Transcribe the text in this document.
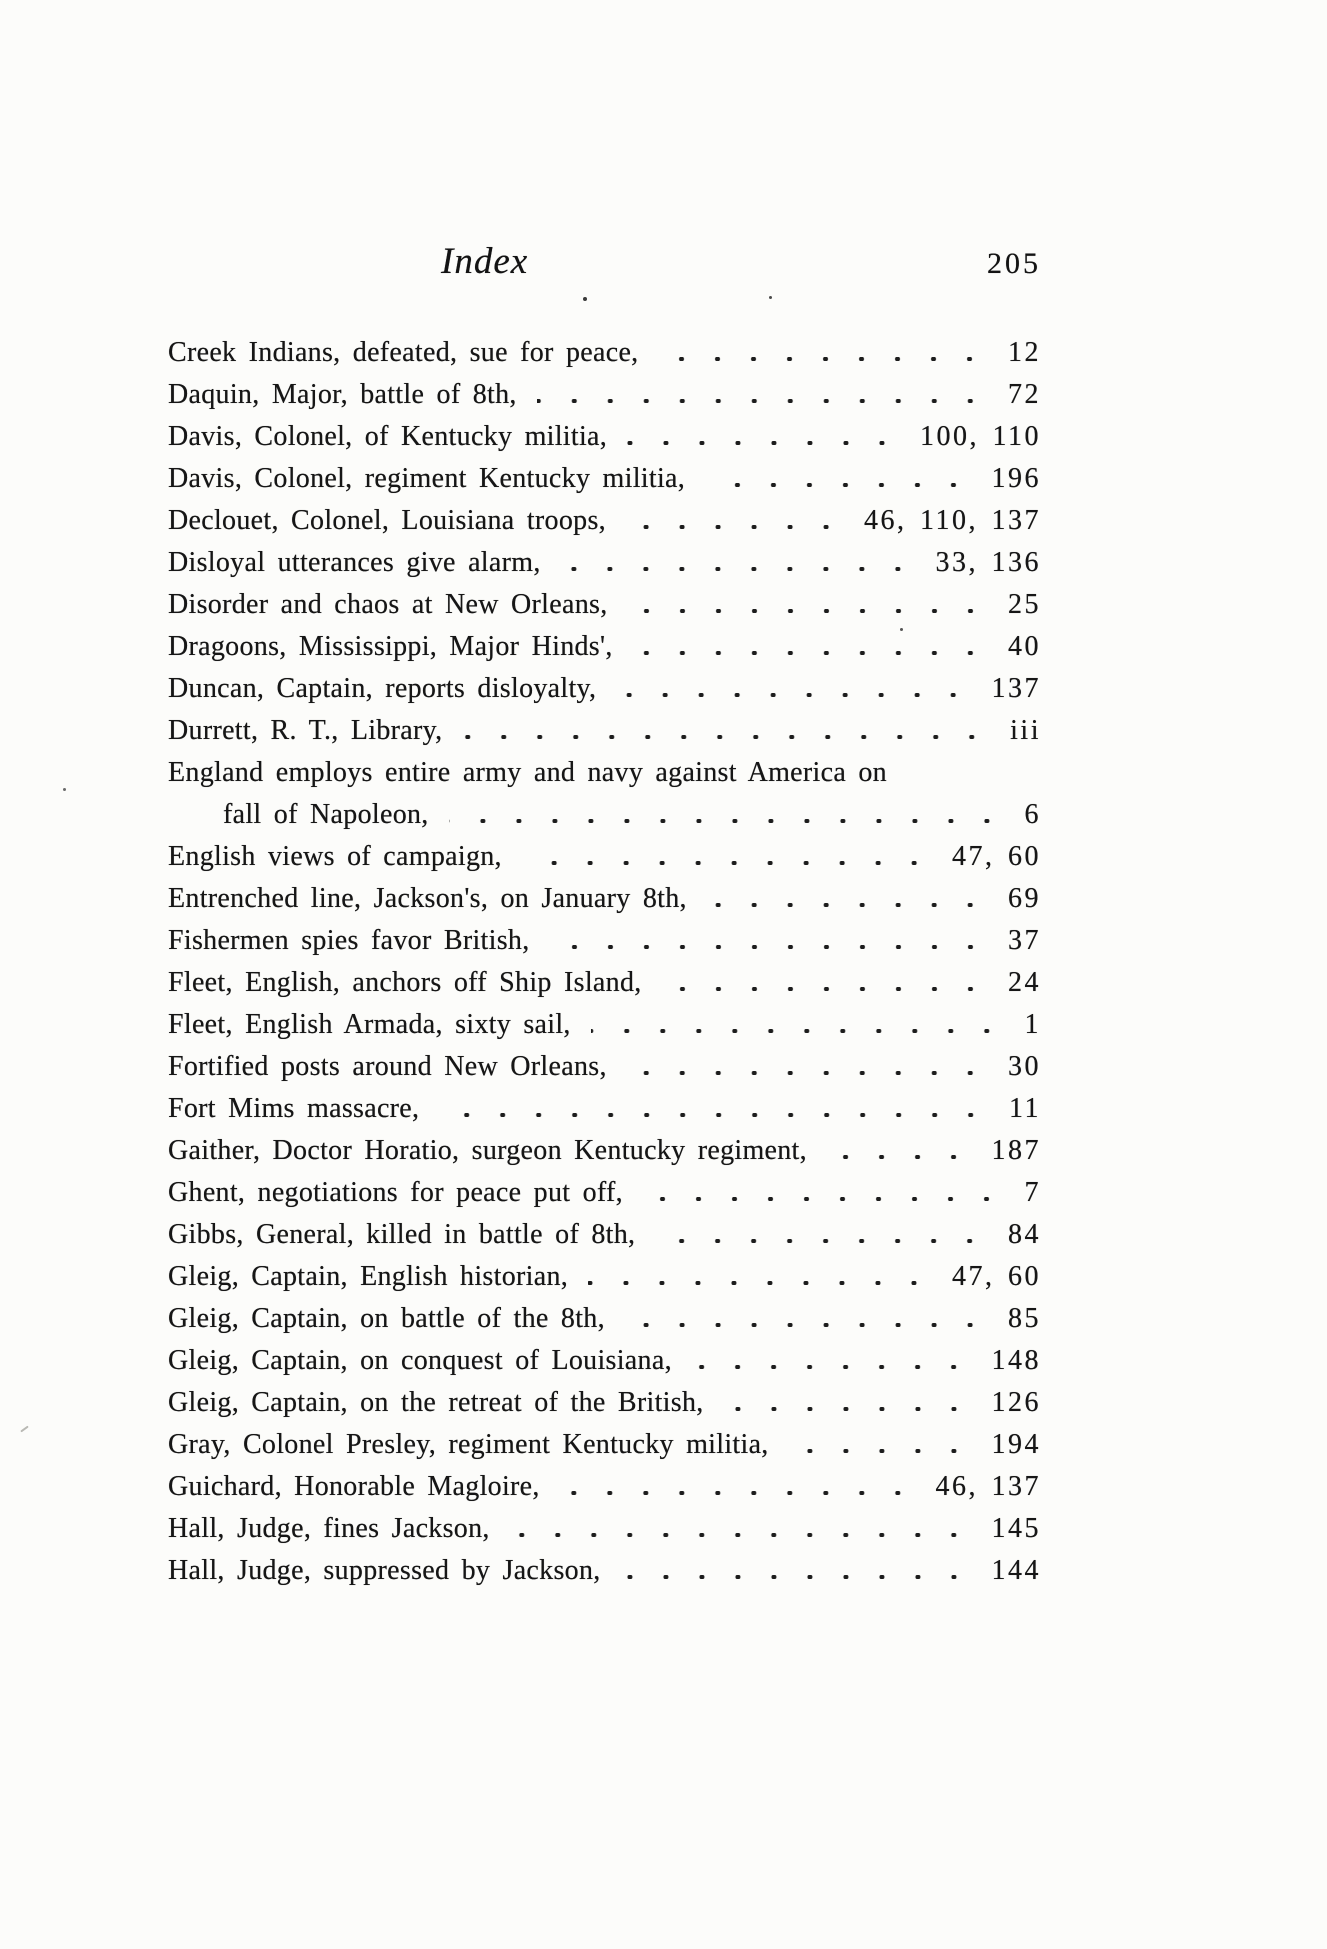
Index	205
Creek Indians, defeated, sue for peace,	12
Daquin, Major, battle of 8th,	72
Davis, Colonel, of Kentucky militia,	100, 110
Davis, Colonel, regiment Kentucky militia,	196
Declouet, Colonel, Louisiana troops,	46, 110, 137
Disloyal utterances give alarm,	33, 136
Disorder and chaos at New Orleans,	25
Dragoons, Mississippi, Major Hinds',	40
Duncan, Captain, reports disloyalty,	137
Durrett, R. T., Library,	iii
England employs entire army and navy against America on
fall of Napoleon,	6
English views of campaign,	47, 60
Entrenched line, Jackson's, on January 8th,	69
Fishermen spies favor British,	37
Fleet, English, anchors off Ship Island,	24
Fleet, English Armada, sixty sail,	1
Fortified posts around New Orleans,	30
Fort Mims massacre,	11
Gaither, Doctor Horatio, surgeon Kentucky regiment,	187
Ghent, negotiations for peace put off,	7
Gibbs, General, killed in battle of 8th,	84
Gleig, Captain, English historian,	47, 60
Gleig, Captain, on battle of the 8th,	85
Gleig, Captain, on conquest of Louisiana,	148
Gleig, Captain, on the retreat of the British,	126
Gray, Colonel Presley, regiment Kentucky militia,	194
Guichard, Honorable Magloire,	46, 137
Hall, Judge, fines Jackson,	145
Hall, Judge, suppressed by Jackson,	144
